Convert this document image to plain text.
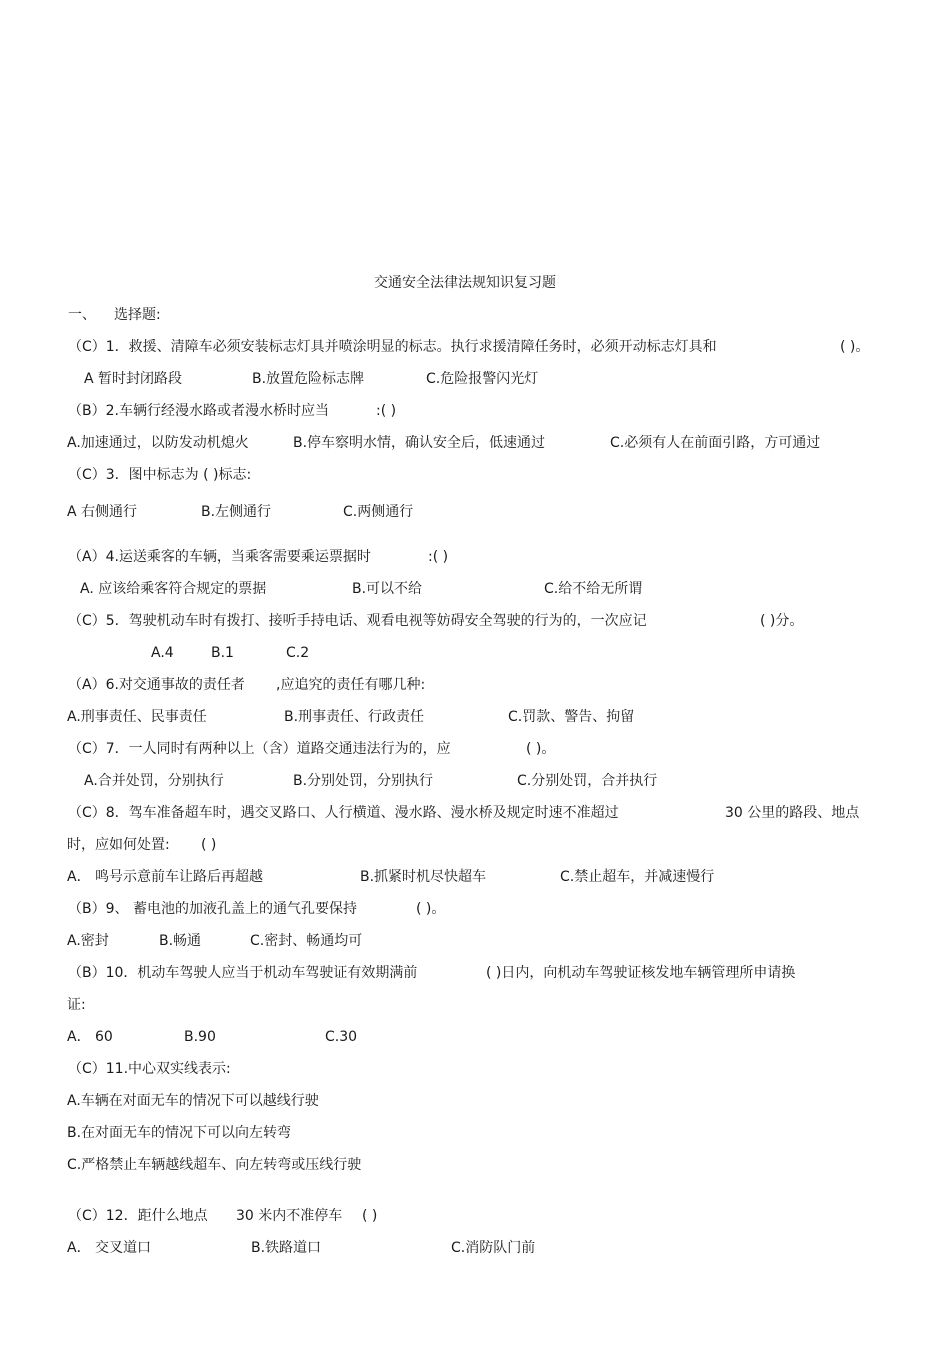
交通安全法律法规知识复习题
一、 选择题:
（C）1．救援、清障车必须安装标志灯具并喷涂明显的标志。执行求援清障任务时，必须开动标志灯具和	( )。
A 暂时封闭路段	B.放置危险标志牌	C.危险报警闪光灯
（B）2.车辆行经漫水路或者漫水桥时应当	:( )
A.加速通过，以防发动机熄火	B.停车察明水情，确认安全后，低速通过	C.必须有人在前面引路，方可通过
（C）3．图中标志为 ( )标志:
A 右侧通行	B.左侧通行	C.两侧通行
（A）4.运送乘客的车辆，当乘客需要乘运票据时	:( )
A. 应该给乘客符合规定的票据	B.可以不给	C.给不给无所谓
（C）5．驾驶机动车时有拨打、接听手持电话、观看电视等妨碍安全驾驶的行为的，一次应记	( )分。
A.4	B.1	C.2
（A）6.对交通事故的责任者 ,应追究的责任有哪几种:
A.刑事责任、民事责任	B.刑事责任、行政责任	C.罚款、警告、拘留
（C）7．一人同时有两种以上（含）道路交通违法行为的，应	( )。
A.合并处罚，分别执行	B.分别处罚，分别执行	C.分别处罚，合并执行
（C）8．驾车准备超车时，遇交叉路口、人行横道、漫水路、漫水桥及规定时速不准超过	30 公里的路段、地点
时，应如何处置: ( )
A． 鸣号示意前车让路后再超越	B.抓紧时机尽快超车	C.禁止超车，并减速慢行
（B）9、 蓄电池的加液孔盖上的通气孔要保持	( )。
A.密封	B.畅通	C.密封、畅通均可
（B）10．机动车驾驶人应当于机动车驾驶证有效期满前	( )日内，向机动车驾驶证核发地车辆管理所申请换
证:
A． 60	B.90	C.30
（C）11.中心双实线表示:
A.车辆在对面无车的情况下可以越线行驶
B.在对面无车的情况下可以向左转弯
C.严格禁止车辆越线超车、向左转弯或压线行驶
（C）12．距什么地点 30 米内不准停车 ( )
A． 交叉道口	B.铁路道口	C.消防队门前
